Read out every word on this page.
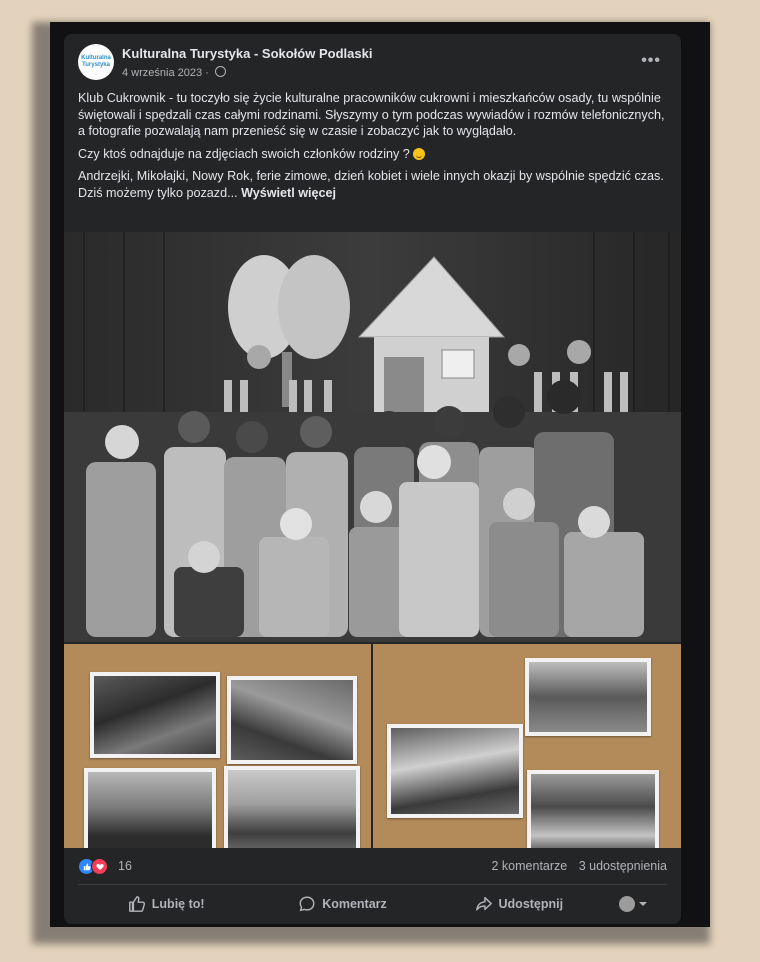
Kulturalna Turystyka
Kulturalna Turystyka - Sokołów Podlaski
4 września 2023 ·
•••

Klub Cukrownik - tu toczyło się życie kulturalne pracowników cukrowni i mieszkańców osady, tu wspólnie świętowali i spędzali czas całymi rodzinami. Słyszymy o tym podczas wywiadów i rozmów telefonicznych, a fotografie pozwalają nam przenieść się w czasie i zobaczyć jak to wyglądało.

Czy ktoś odnajduje na zdjęciach swoich członków rodziny ?

Andrzejki, Mikołajki, Nowy Rok, ferie zimowe, dzień kobiet i wiele innych okazji by wspólnie spędzić czas. Dziś możemy tylko pozazd... Wyświetl więcej

16	2 komentarze 3 udostępnienia
Lubię to!	Komentarz	Udostępnij
